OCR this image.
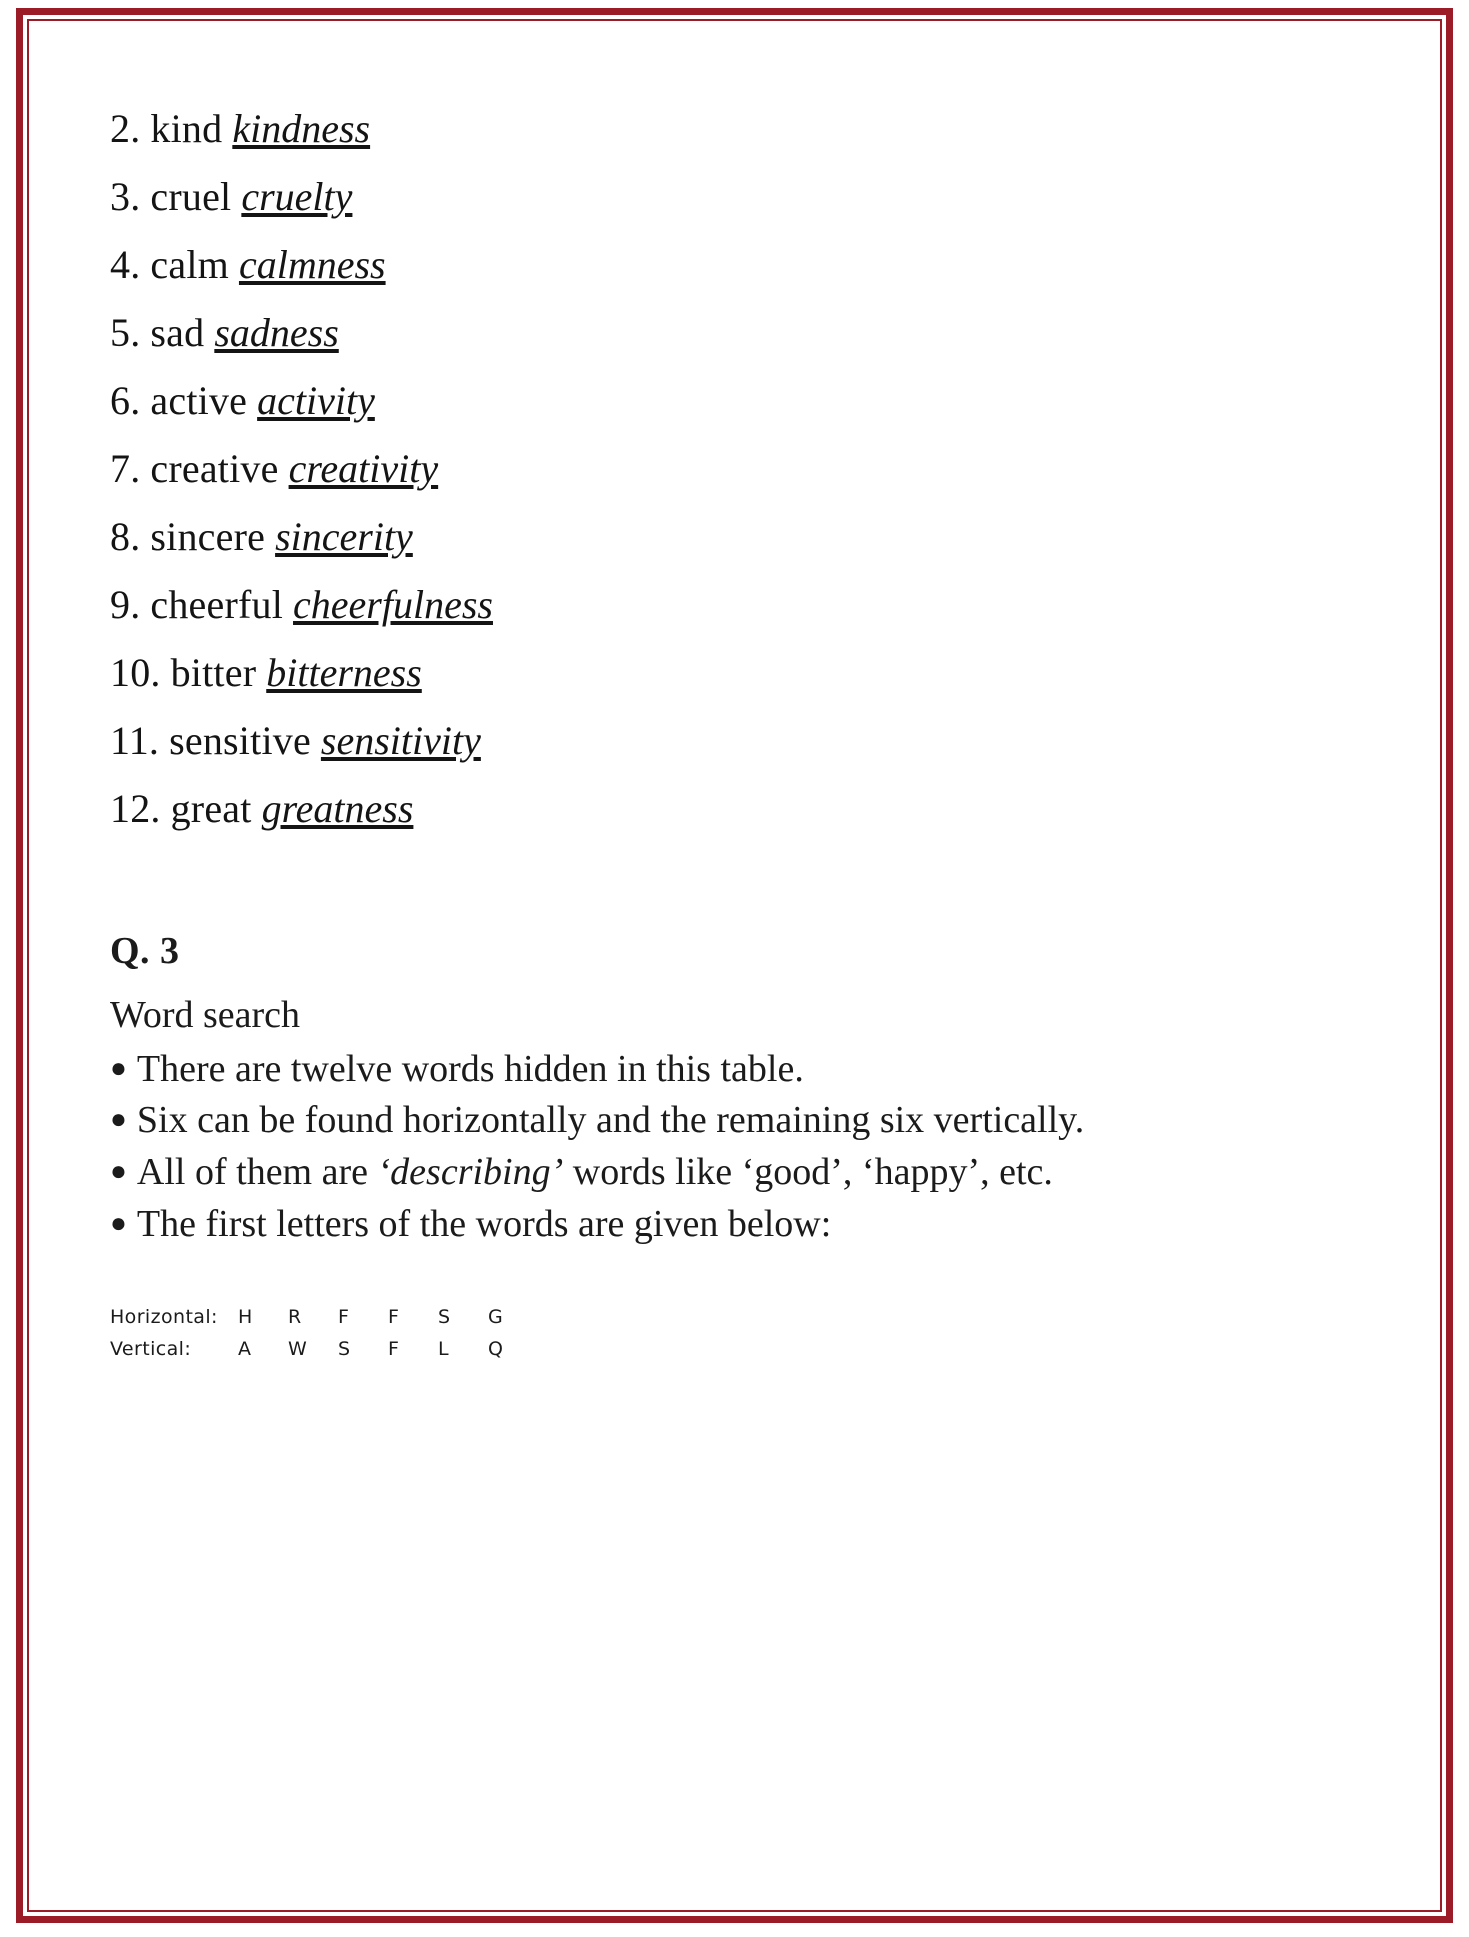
2. kind kindness
3. cruel cruelty
4. calm calmness
5. sad sadness
6. active activity
7. creative creativity
8. sincere sincerity
9. cheerful cheerfulness
10. bitter bitterness
11. sensitive sensitivity
12. great greatness
Q. 3
Word search

● There are twelve words hidden in this table.

● Six can be found horizontally and the remaining six vertically.

● All of them are ‘describing’ words like ‘good’, ‘happy’, etc.

● The first letters of the words are given below:

Horizontal: H R F F S G
Vertical: A W S F L Q
